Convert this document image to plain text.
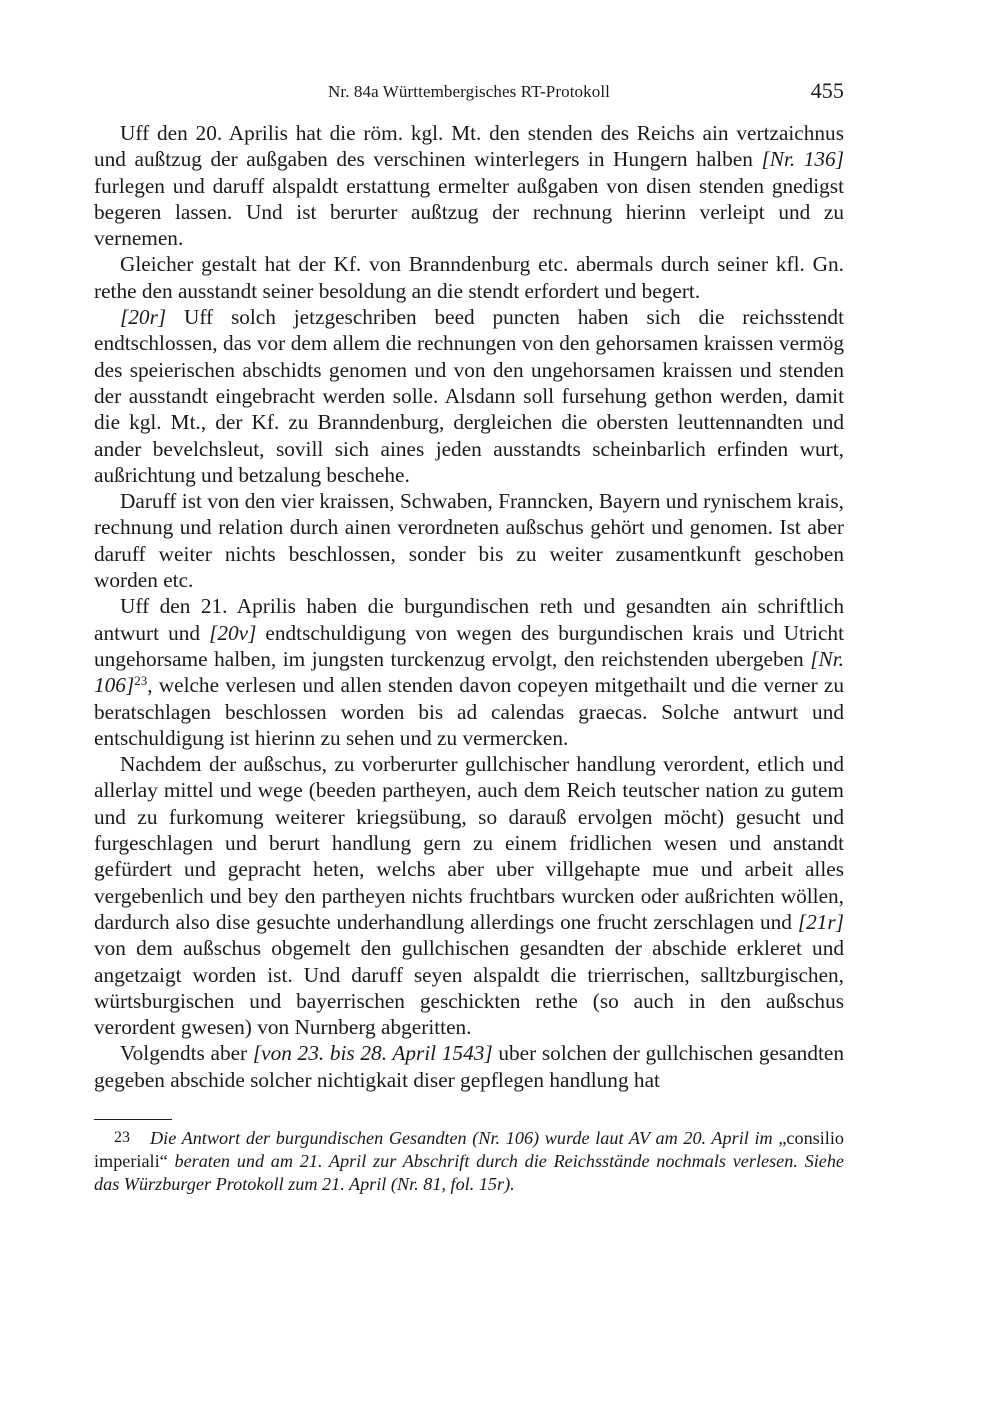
Nr. 84a Württembergisches RT-Protokoll	455

Uff den 20. Aprilis hat die röm. kgl. Mt. den stenden des Reichs ain vertzaichnus und außtzug der außgaben des verschinen winterlegers in Hungern halben [Nr. 136] furlegen und daruff alspaldt erstattung ermelter außgaben von disen stenden gnedigst begeren lassen. Und ist berurter außtzug der rechnung hierinn verleipt und zu vernemen.

Gleicher gestalt hat der Kf. von Branndenburg etc. abermals durch seiner kfl. Gn. rethe den ausstandt seiner besoldung an die stendt erfordert und begert.

[20r] Uff solch jetzgeschriben beed puncten haben sich die reichsstendt endtschlossen, das vor dem allem die rechnungen von den gehorsamen kraissen vermög des speierischen abschidts genomen und von den ungehorsamen kraissen und stenden der ausstandt eingebracht werden solle. Alsdann soll fursehung gethon werden, damit die kgl. Mt., der Kf. zu Branndenburg, dergleichen die obersten leuttennandten und ander bevelchsleut, sovill sich aines jeden ausstandts scheinbarlich erfinden wurt, außrichtung und betzalung beschehe.

Daruff ist von den vier kraissen, Schwaben, Franncken, Bayern und rynischem krais, rechnung und relation durch ainen verordneten außschus gehört und genomen. Ist aber daruff weiter nichts beschlossen, sonder bis zu weiter zusamentkunft geschoben worden etc.

Uff den 21. Aprilis haben die burgundischen reth und gesandten ain schriftlich antwurt und [20v] endtschuldigung von wegen des burgundischen krais und Utricht ungehorsame halben, im jungsten turckenzug ervolgt, den reichstenden ubergeben [Nr. 106]$^{23}$, welche verlesen und allen stenden davon copeyen mitgethailt und die verner zu beratschlagen beschlossen worden bis ad calendas graecas. Solche antwurt und entschuldigung ist hierinn zu sehen und zu vermercken.

Nachdem der außschus, zu vorberurter gullchischer handlung verordent, etlich und allerlay mittel und wege (beeden partheyen, auch dem Reich teutscher nation zu gutem und zu furkomung weiterer kriegsübung, so darauß ervolgen möcht) gesucht und furgeschlagen und berurt handlung gern zu einem fridlichen wesen und anstandt gefürdert und gepracht heten, welchs aber uber villgehapte mue und arbeit alles vergebenlich und bey den partheyen nichts fruchtbars wurcken oder außrichten wöllen, dardurch also dise gesuchte underhandlung allerdings one frucht zerschlagen und [21r] von dem außschus obgemelt den gullchischen gesandten der abschide erkleret und angetzaigt worden ist. Und daruff seyen alspaldt die trierrischen, salltzburgischen, würtsburgischen und bayerrischen geschickten rethe (so auch in den außschus verordent gwesen) von Nurnberg abgeritten.

Volgendts aber [von 23. bis 28. April 1543] uber solchen der gullchischen gesandten gegeben abschide solcher nichtigkait diser gepflegen handlung hat

23 Die Antwort der burgundischen Gesandten (Nr. 106) wurde laut AV am 20. April im „consilio imperiali“ beraten und am 21. April zur Abschrift durch die Reichsstände nochmals verlesen. Siehe das Würzburger Protokoll zum 21. April (Nr. 81, fol. 15r).
